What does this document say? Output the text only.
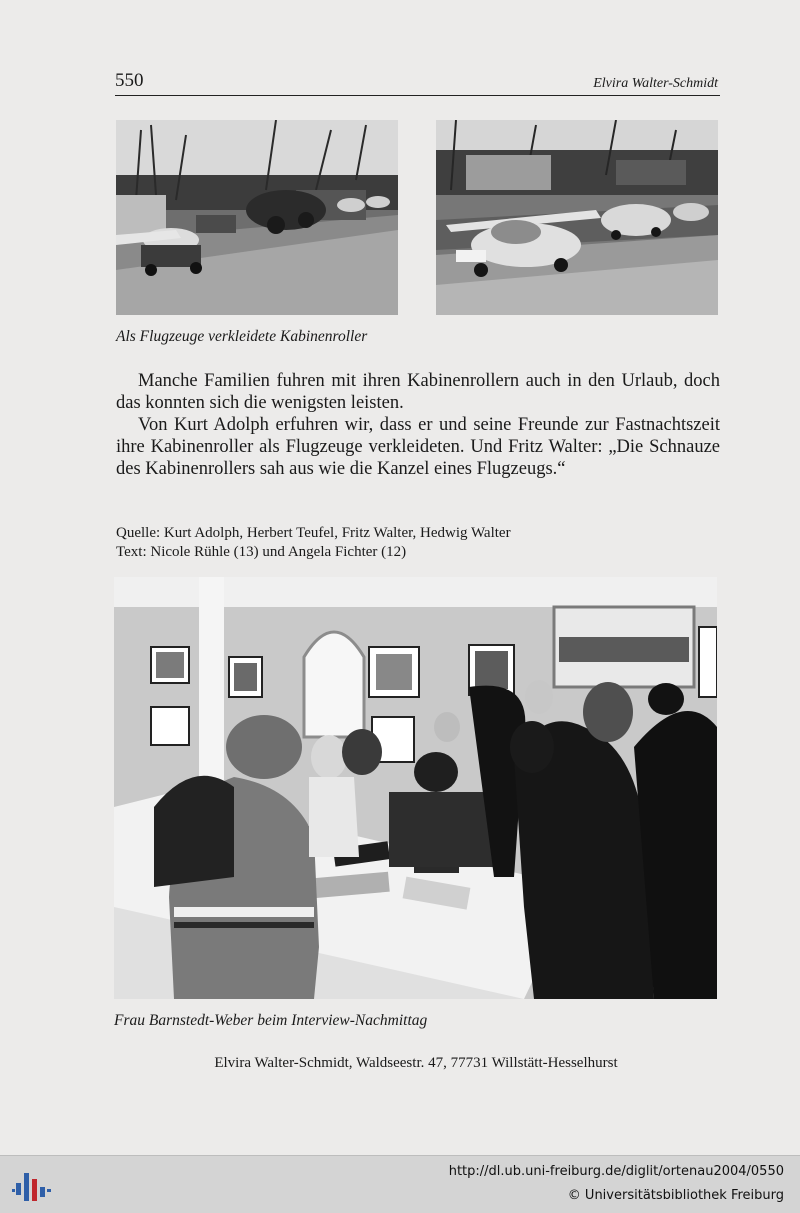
550	Elvira Walter-Schmidt
Als Flugzeuge verkleidete Kabinenroller

Manche Familien fuhren mit ihren Kabinenrollern auch in den Urlaub, doch das konnten sich die wenigsten leisten.

Von Kurt Adolph erfuhren wir, dass er und seine Freunde zur Fastnachtszeit ihre Kabinenroller als Flugzeuge verkleideten. Und Fritz Walter: „Die Schnauze des Kabinenrollers sah aus wie die Kanzel eines Flugzeugs.“

Quelle: Kurt Adolph, Herbert Teufel, Fritz Walter, Hedwig Walter
Text: Nicole Rühle (13) und Angela Fichter (12)
Frau Barnstedt-Weber beim Interview-Nachmittag
Elvira Walter-Schmidt, Waldseestr. 47, 77731 Willstätt-Hesselhurst
http://dl.ub.uni-freiburg.de/diglit/ortenau2004/0550
© Universitätsbibliothek Freiburg
